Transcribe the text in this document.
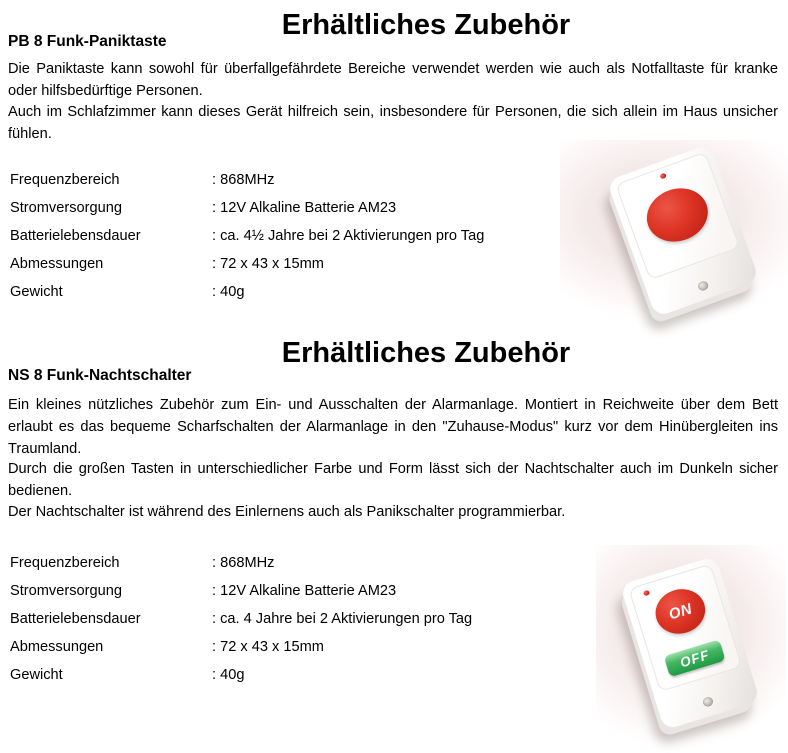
Erhältliches Zubehör
PB 8 Funk-Paniktaste

Die Paniktaste kann sowohl für überfallgefährdete Bereiche verwendet werden wie auch als Notfalltaste für kranke oder hilfsbedürftige Personen.

Auch im Schlafzimmer kann dieses Gerät hilfreich sein, insbesondere für Personen, die sich allein im Haus unsicher fühlen.

Frequenzbereich	: 868MHz
Stromversorgung	: 12V Alkaline Batterie AM23
Batterielebensdauer	: ca. 4½ Jahre bei 2 Aktivierungen pro Tag
Abmessungen	: 72 x 43 x 15mm
Gewicht	: 40g
Erhältliches Zubehör
NS 8 Funk-Nachtschalter

Ein kleines nützliches Zubehör zum Ein- und Ausschalten der Alarmanlage. Montiert in Reichweite über dem Bett erlaubt es das bequeme Scharfschalten der Alarmanlage in den "Zuhause-Modus" kurz vor dem Hinübergleiten ins Traumland.

Durch die großen Tasten in unterschiedlicher Farbe und Form lässt sich der Nachtschalter auch im Dunkeln sicher bedienen.

Der Nachtschalter ist während des Einlernens auch als Panikschalter programmierbar.

Frequenzbereich	: 868MHz
Stromversorgung	: 12V Alkaline Batterie AM23
Batterielebensdauer	: ca. 4 Jahre bei 2 Aktivierungen pro Tag
Abmessungen	: 72 x 43 x 15mm
Gewicht	: 40g
ON
OFF
